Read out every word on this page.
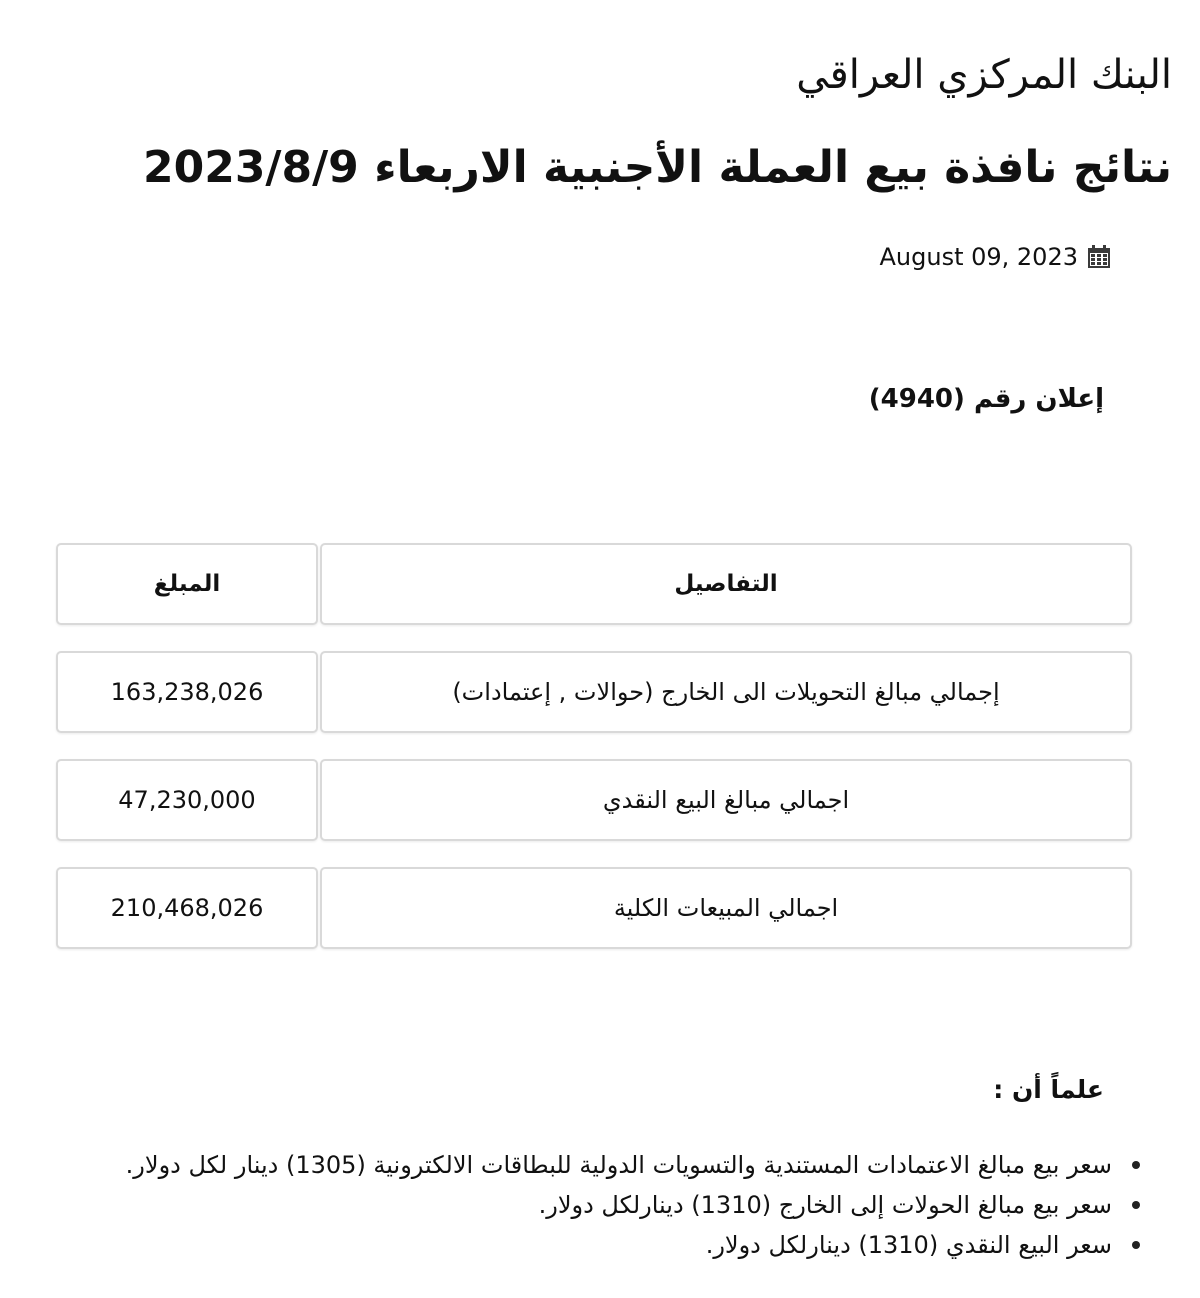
البنك المركزي العراقي
نتائج نافذة بيع العملة الأجنبية الاربعاء 2023/8/9
August 09, 2023
إعلان رقم (4940)
المبلغ	التفاصيل
163,238,026	إجمالي مبالغ التحويلات الى الخارج (حوالات , إعتمادات)
47,230,000	اجمالي مبالغ البيع النقدي
210,468,026	اجمالي المبيعات الكلية
علماً أن :
سعر بيع مبالغ الاعتمادات المستندية والتسويات الدولية للبطاقات الالكترونية (1305) دينار لكل دولار.
سعر بيع مبالغ الحولات إلى الخارج (1310) دينارلكل دولار.
سعر البيع النقدي (1310) دينارلكل دولار.
